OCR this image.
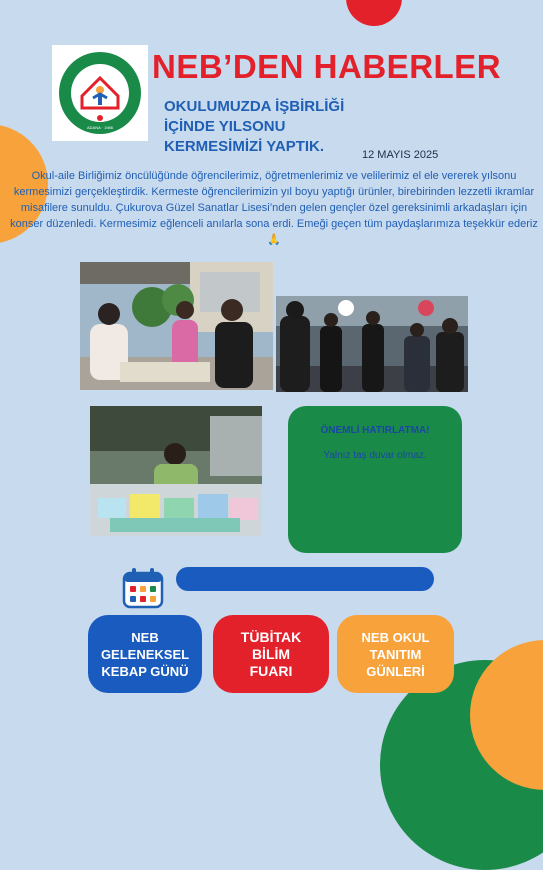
ADANA · 1986
NEB’DEN HABERLER
OKULUMUZDA İŞBİRLİĞİ
İÇİNDE YILSONU
KERMESİMİZİ YAPTIK.	12 MAYIS 2025
Okul-aile Birliğimiz öncülüğünde öğrencilerimiz, öğretmenlerimiz ve velilerimiz el ele vererek yılsonu kermesimizi gerçekleştirdik. Kermeste öğrencilerimizin yıl boyu yaptığı ürünler, birebirinden lezzetli ikramlar misafilere sunuldu. Çukurova Güzel Sanatlar Lisesi’nden gelen gençler özel gereksinimli arkadaşları için konser düzenledi. Kermesimiz eğlenceli anılarla sona erdi. Emeği geçen tüm paydaşlarımıza teşekkür ederiz 🙏
ÖNEMLİ HATIRLATMA!
Yalnız taş duvar olmaz.
NEB
GELENEKSEL
KEBAP GÜNÜ
TÜBİTAK
BİLİM
FUARI
NEB OKUL
TANITIM
GÜNLERİ
